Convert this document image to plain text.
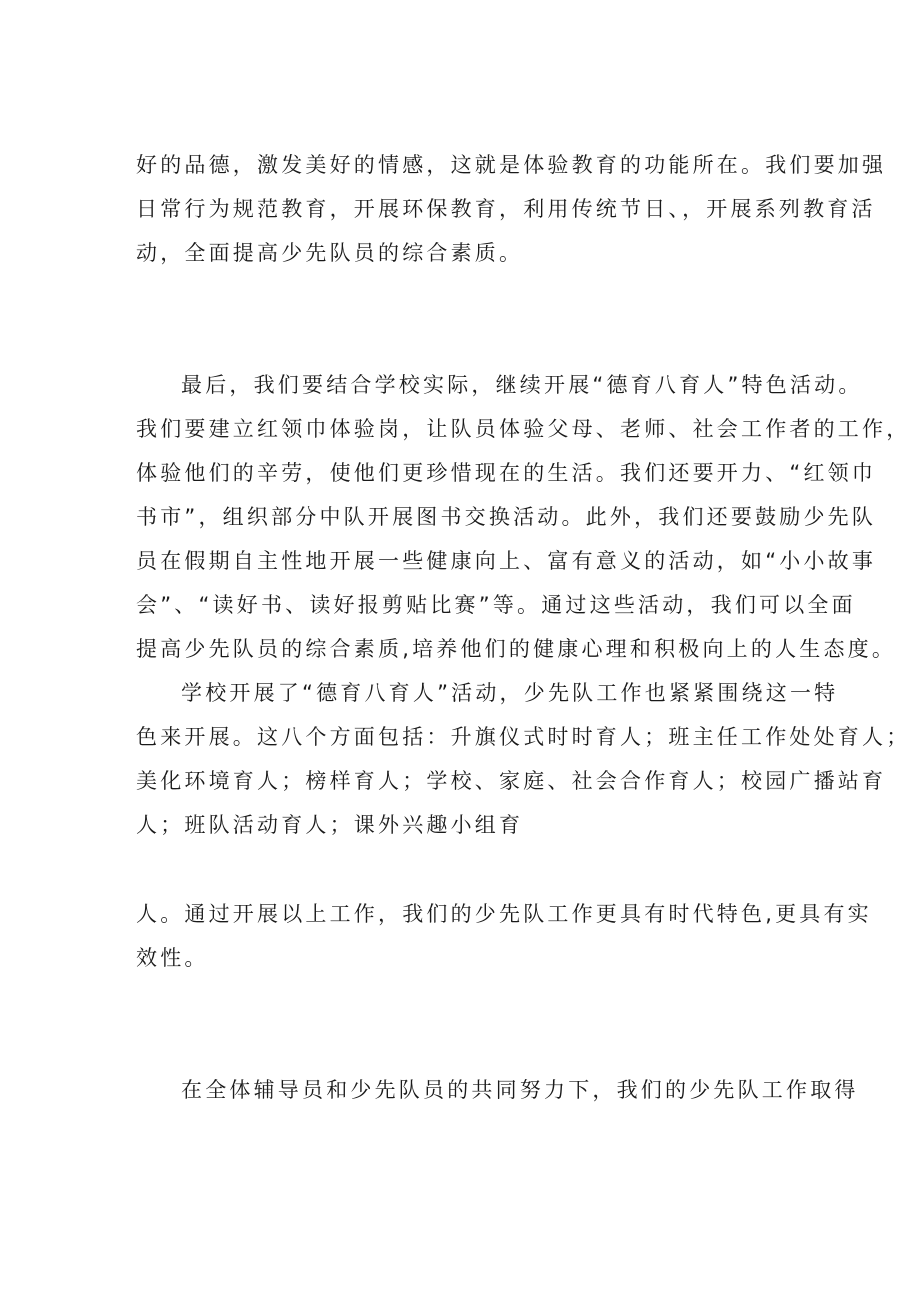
好的品德，激发美好的情感，这就是体验教育的功能所在。我们要加强
日常行为规范教育，开展环保教育，利用传统节日、，开展系列教育活
动，全面提高少先队员的综合素质。
最后，我们要结合学校实际，继续开展“德育八育人”特色活动。
我们要建立红领巾体验岗，让队员体验父母、老师、社会工作者的工作，
体验他们的辛劳，使他们更珍惜现在的生活。我们还要开力、“红领巾
书市”，组织部分中队开展图书交换活动。此外，我们还要鼓励少先队
员在假期自主性地开展一些健康向上、富有意义的活动，如“小小故事
会”、“读好书、读好报剪贴比赛”等。通过这些活动，我们可以全面
提高少先队员的综合素质,培养他们的健康心理和积极向上的人生态度。
学校开展了“德育八育人”活动，少先队工作也紧紧围绕这一特
色来开展。这八个方面包括：升旗仪式时时育人；班主任工作处处育人；
美化环境育人；榜样育人；学校、家庭、社会合作育人；校园广播站育
人；班队活动育人；课外兴趣小组育
人。通过开展以上工作，我们的少先队工作更具有时代特色,更具有实
效性。
在全体辅导员和少先队员的共同努力下，我们的少先队工作取得
